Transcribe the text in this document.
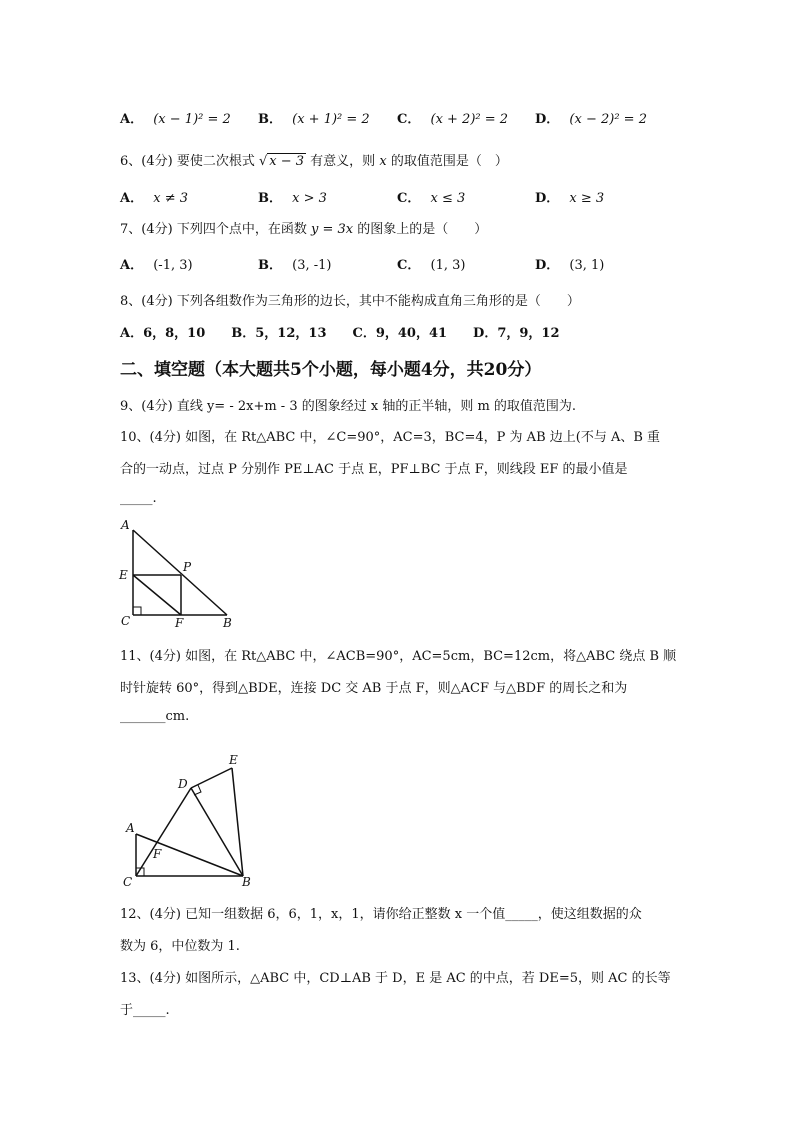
A． (x − 1)² = 2 B． (x + 1)² = 2 C． (x + 2)² = 2 D． (x − 2)² = 2
6、(4分) 要使二次根式 √ x − 3 有意义，则 x 的取值范围是（　）
A． x ≠ 3	B． x > 3	C． x ≤ 3	D． x ≥ 3
7、(4分) 下列四个点中，在函数 y = 3x 的图象上的是（　　）
A． (-1, 3)	B． (3, -1)	C． (1, 3)	D． (3, 1)
8、(4分) 下列各组数作为三角形的边长，其中不能构成直角三角形的是（　　）
A．6，8，10　　B．5，12，13　　C．9，40，41　　D．7，9，12
二、填空题（本大题共5个小题，每小题4分，共20分）
9、(4分) 直线 y= - 2x+m - 3 的图象经过 x 轴的正半轴，则 m 的取值范围为.
10、(4分) 如图，在 Rt△ABC 中，∠C=90°，AC=3，BC=4，P 为 AB 边上(不与 A、B 重
合的一动点，过点 P 分别作 PE⊥AC 于点 E，PF⊥BC 于点 F，则线段 EF 的最小值是
_____.
A
E
P
C	F	B
11、(4分) 如图，在 Rt△ABC 中，∠ACB=90°，AC=5cm，BC=12cm，将△ABC 绕点 B 顺
时针旋转 60°，得到△BDE，连接 DC 交 AB 于点 F，则△ACF 与△BDF 的周长之和为
_______cm.
E
D
A
F
C	B
12、(4分) 已知一组数据 6，6，1，x，1，请你给正整数 x 一个值_____，使这组数据的众
数为 6，中位数为 1.
13、(4分) 如图所示，△ABC 中，CD⊥AB 于 D，E 是 AC 的中点，若 DE=5，则 AC 的长等
于_____.
